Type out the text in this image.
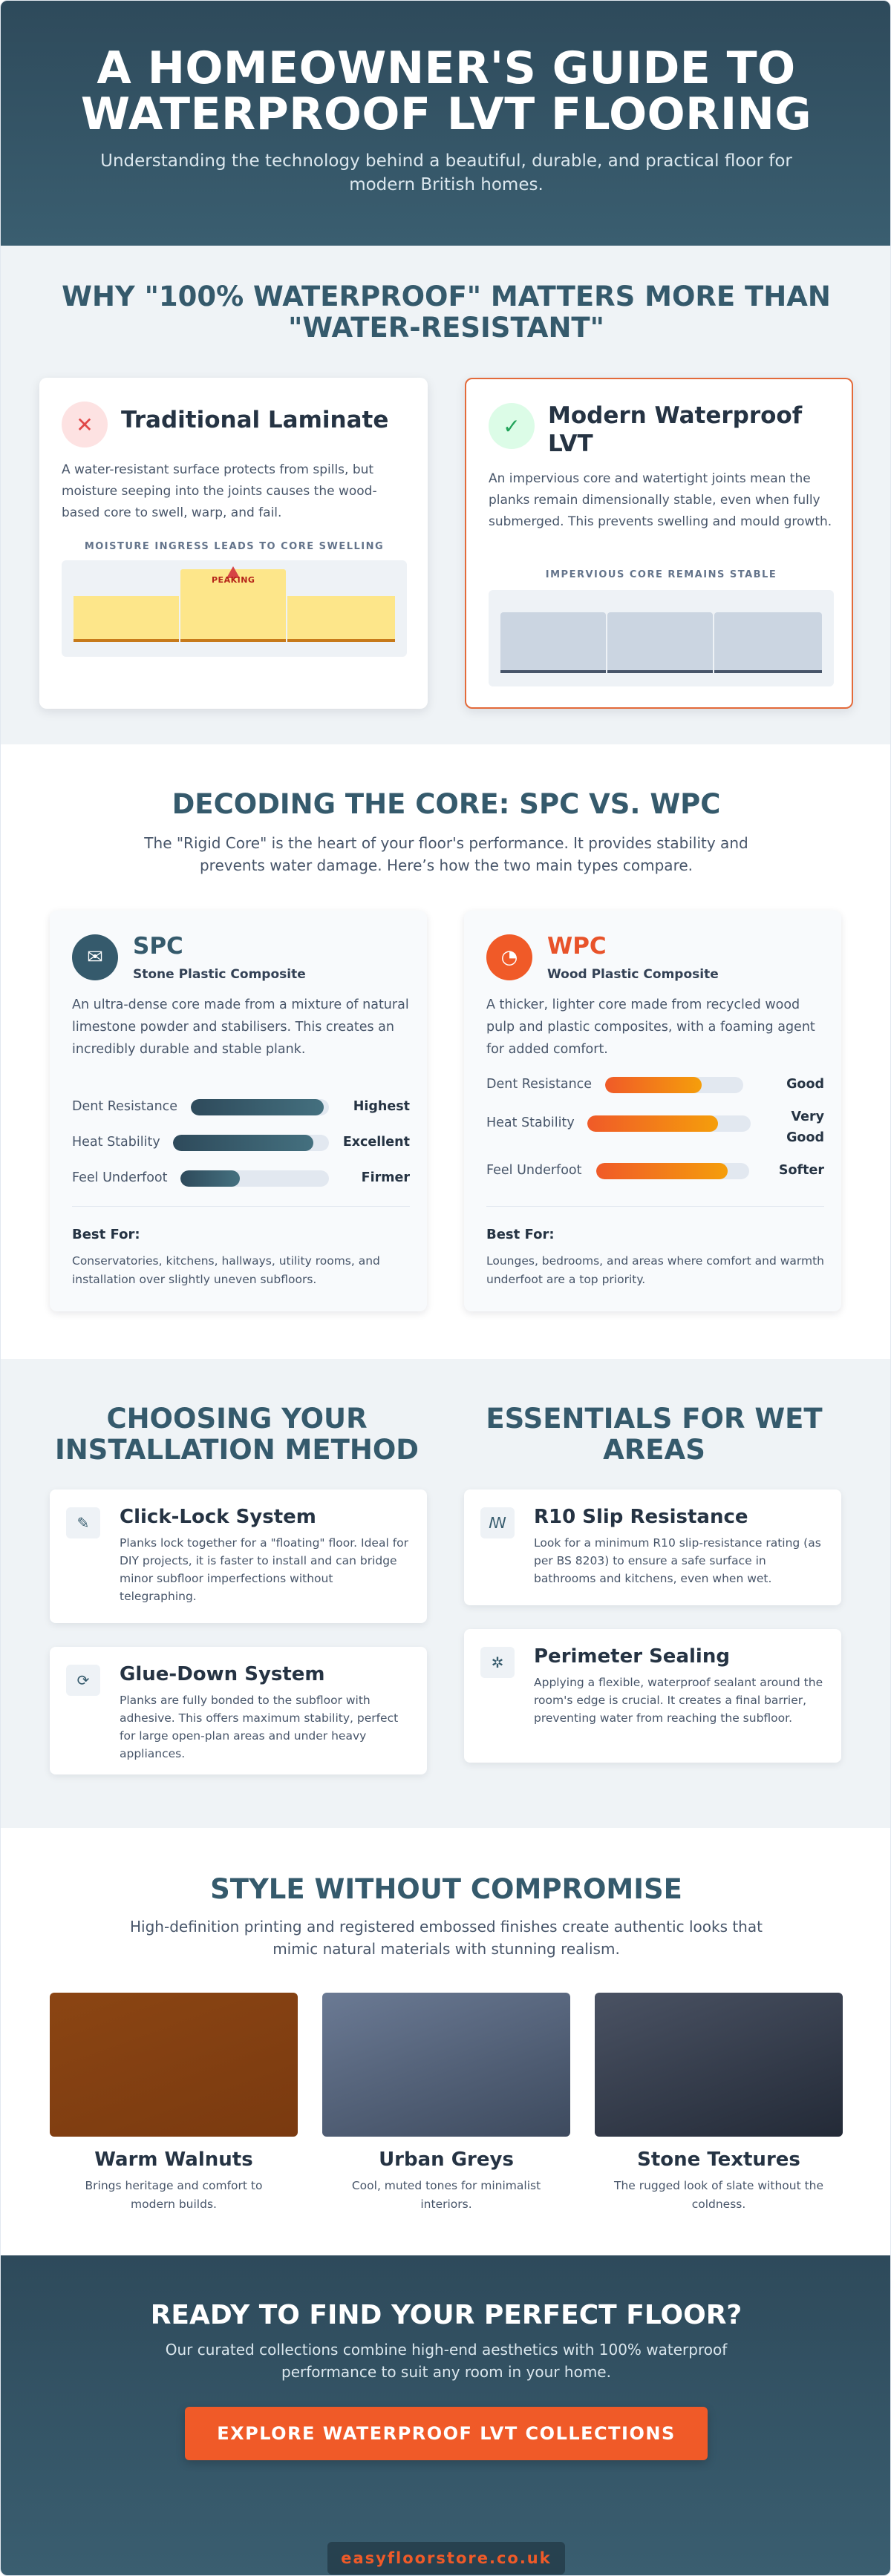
A HOMEOWNER'S GUIDE TO
WATERPROOF LVT FLOORING

Understanding the technology behind a beautiful, durable, and practical floor for modern British homes.

WHY "100% WATERPROOF" MATTERS MORE THAN "WATER-RESISTANT"
✕	Traditional Laminate

A water-resistant surface protects from spills, but moisture seeping into the joints causes the wood-based core to swell, warp, and fail.

MOISTURE INGRESS LEADS TO CORE SWELLING

PEAKING
✓	Modern Waterproof LVT

An impervious core and watertight joints mean the planks remain dimensionally stable, even when fully submerged. This prevents swelling and mould growth.

IMPERVIOUS CORE REMAINS STABLE

DECODING THE CORE: SPC VS. WPC

The "Rigid Core" is the heart of your floor's performance. It provides stability and prevents water damage. Here’s how the two main types compare.

✉	SPC

Stone Plastic Composite

An ultra-dense core made from a mixture of natural limestone powder and stabilisers. This creates an incredibly durable and stable plank.

Dent Resistance	Highest
Heat Stability	Excellent
Feel Underfoot	Firmer

Best For:

Conservatories, kitchens, hallways, utility rooms, and installation over slightly uneven subfloors.

◔	WPC

Wood Plastic Composite

A thicker, lighter core made from recycled wood pulp and plastic composites, with a foaming agent for added comfort.

Dent Resistance	Good
Heat Stability	Very Good
Feel Underfoot	Softer

Best For:

Lounges, bedrooms, and areas where comfort and warmth underfoot are a top priority.

CHOOSING YOUR INSTALLATION METHOD
ESSENTIALS FOR WET AREAS
✎	Click-Lock System

Planks lock together for a "floating" floor. Ideal for DIY projects, it is faster to install and can bridge minor subfloor imperfections without telegraphing.

⟳	Glue-Down System

Planks are fully bonded to the subfloor with adhesive. This offers maximum stability, perfect for large open-plan areas and under heavy appliances.

ꟿ	R10 Slip Resistance

Look for a minimum R10 slip-resistance rating (as per BS 8203) to ensure a safe surface in bathrooms and kitchens, even when wet.

✲	Perimeter Sealing

Applying a flexible, waterproof sealant around the room's edge is crucial. It creates a final barrier, preventing water from reaching the subfloor.

STYLE WITHOUT COMPROMISE

High-definition printing and registered embossed finishes create authentic looks that mimic natural materials with stunning realism.

Warm Walnuts

Brings heritage and comfort to modern builds.

Urban Greys

Cool, muted tones for minimalist interiors.

Stone Textures

The rugged look of slate without the coldness.

READY TO FIND YOUR PERFECT FLOOR?

Our curated collections combine high-end aesthetics with 100% waterproof performance to suit any room in your home.

EXPLORE WATERPROOF LVT COLLECTIONS
easyfloorstore.co.uk
